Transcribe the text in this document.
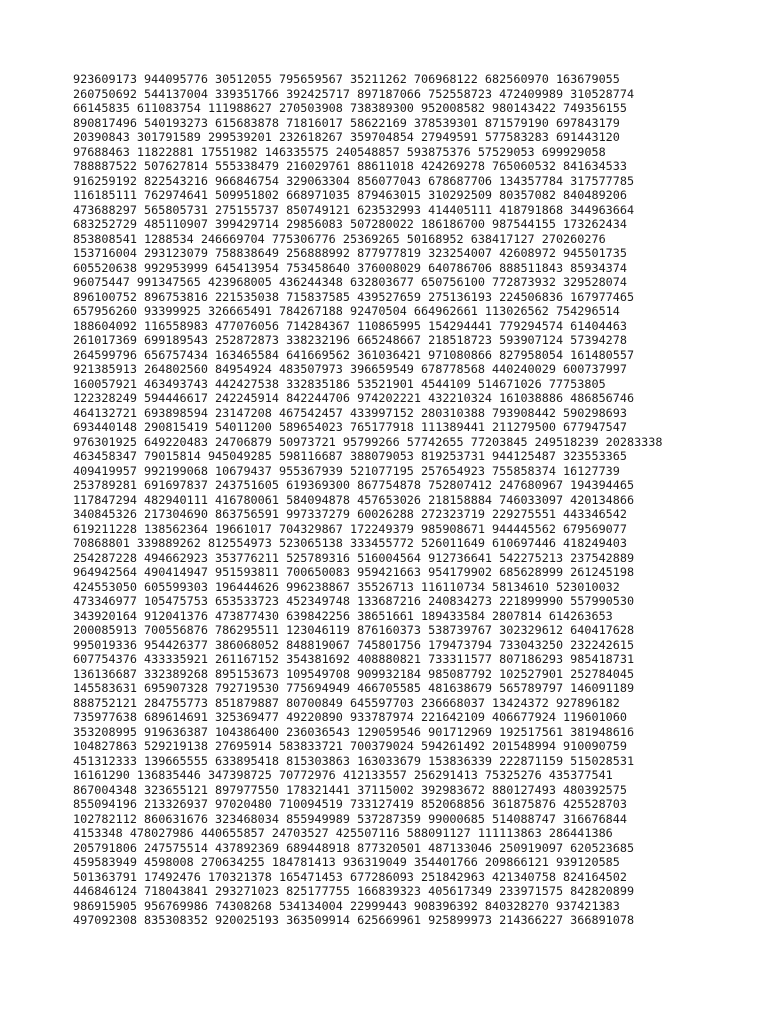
923609173 944095776 30512055 795659567 35211262 706968122 682560970 163679055
260750692 544137004 339351766 392425717 897187066 752558723 472409989 310528774
66145835 611083754 111988627 270503908 738389300 952008582 980143422 749356155
890817496 540193273 615683878 71816017 58622169 378539301 871579190 697843179
20390843 301791589 299539201 232618267 359704854 27949591 577583283 691443120
97688463 11822881 17551982 146335575 240548857 593875376 57529053 699929058
788887522 507627814 555338479 216029761 88611018 424269278 765060532 841634533
916259192 822543216 966846754 329063304 856077043 678687706 134357784 317577785
116185111 762974641 509951802 668971035 879463015 310292509 80357082 840489206
473688297 565805731 275155737 850749121 623532993 414405111 418791868 344963664
683252729 485110907 399429714 29856083 507280022 186186700 987544155 173262434
853808541 1288534 246669704 775306776 25369265 50168952 638417127 270260276
153716004 293123079 758838649 256888992 877977819 323254007 42608972 945501735
605520638 992953999 645413954 753458640 376008029 640786706 888511843 85934374
96075447 991347565 423968005 436244348 632803677 650756100 772873932 329528074
896100752 896753816 221535038 715837585 439527659 275136193 224506836 167977465
657956260 93399925 326665491 784267188 92470504 664962661 113026562 754296514
188604092 116558983 477076056 714284367 110865995 154294441 779294574 61404463
261017369 699189543 252872873 338232196 665248667 218518723 593907124 57394278
264599796 656757434 163465584 641669562 361036421 971080866 827958054 161480557
921385913 264802560 84954924 483507973 396659549 678778568 440240029 600737997
160057921 463493743 442427538 332835186 53521901 4544109 514671026 77753805
122328249 594446617 242245914 842244706 974202221 432210324 161038886 486856746
464132721 693898594 23147208 467542457 433997152 280310388 793908442 590298693
693440148 290815419 54011200 589654023 765177918 111389441 211279500 677947547
976301925 649220483 24706879 50973721 95799266 57742655 77203845 249518239 20283338
463458347 79015814 945049285 598116687 388079053 819253731 944125487 323553365
409419957 992199068 10679437 955367939 521077195 257654923 755858374 16127739
253789281 691697837 243751605 619369300 867754878 752807412 247680967 194394465
117847294 482940111 416780061 584094878 457653026 218158884 746033097 420134866
340845326 217304690 863756591 997337279 60026288 272323719 229275551 443346542
619211228 138562364 19661017 704329867 172249379 985908671 944445562 679569077
70868801 339889262 812554973 523065138 333455772 526011649 610697446 418249403
254287228 494662923 353776211 525789316 516004564 912736641 542275213 237542889
964942564 490414947 951593811 700650083 959421663 954179902 685628999 261245198
424553050 605599303 196444626 996238867 35526713 116110734 58134610 523010032
473346977 105475753 653533723 452349748 133687216 240834273 221899990 557990530
343920164 912041376 473877430 639842256 38651661 189433584 2807814 614263653
200085913 700556876 786295511 123046119 876160373 538739767 302329612 640417628
995019336 954426377 386068052 848819067 745801756 179473794 733043250 232242615
607754376 433335921 261167152 354381692 408880821 733311577 807186293 985418731
136136687 332389268 895153673 109549708 909932184 985087792 102527901 252784045
145583631 695907328 792719530 775694949 466705585 481638679 565789797 146091189
888752121 284755773 851879887 80700849 645597703 236668037 13424372 927896182
735977638 689614691 325369477 49220890 933787974 221642109 406677924 119601060
353208995 919636387 104386400 236036543 129059546 901712969 192517561 381948616
104827863 529219138 27695914 583833721 700379024 594261492 201548994 910090759
451312333 139665555 633895418 815303863 163033679 153836339 222871159 515028531
16161290 136835446 347398725 70772976 412133557 256291413 75325276 435377541
867004348 323655121 897977550 178321441 37115002 392983672 880127493 480392575
855094196 213326937 97020480 710094519 733127419 852068856 361875876 425528703
102782112 860631676 323468034 855949989 537287359 99000685 514088747 316676844
4153348 478027986 440655857 24703527 425507116 588091127 111113863 286441386
205791806 247575514 437892369 689448918 877320501 487133046 250919097 620523685
459583949 4598008 270634255 184781413 936319049 354401766 209866121 939120585
501363791 17492476 170321378 165471453 677286093 251842963 421340758 824164502
446846124 718043841 293271023 825177755 166839323 405617349 233971575 842820899
986915905 956769986 74308268 534134004 22999443 908396392 840328270 937421383
497092308 835308352 920025193 363509914 625669961 925899973 214366227 366891078
